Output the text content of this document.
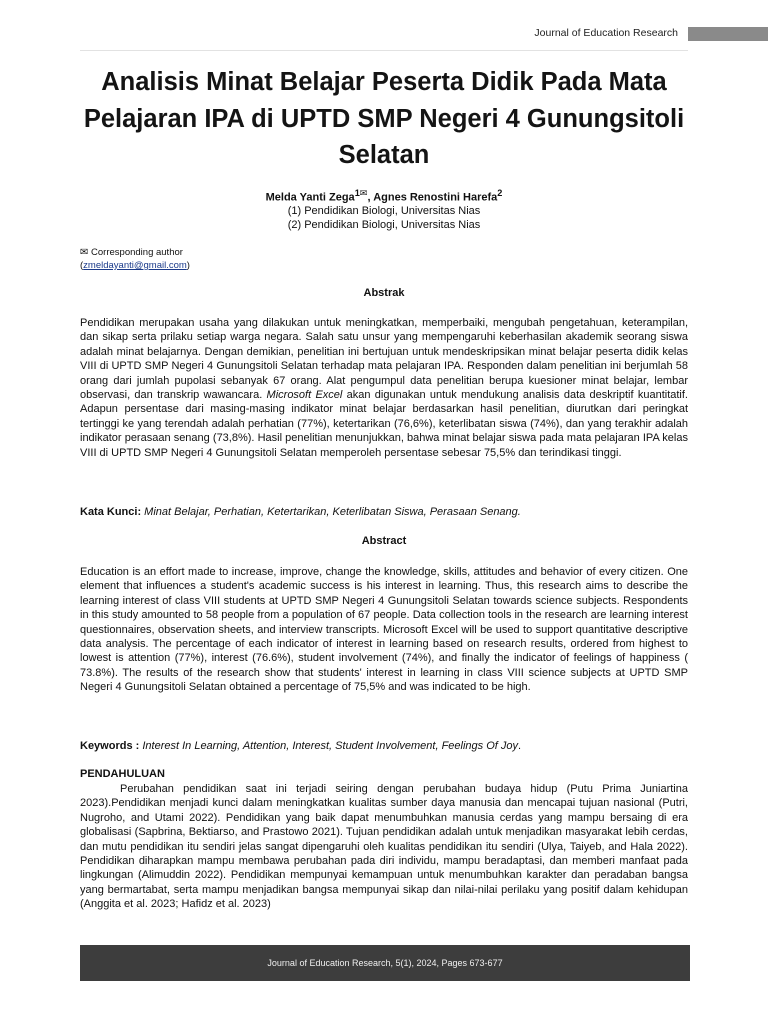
Journal of Education Research
Analisis Minat Belajar Peserta Didik Pada Mata Pelajaran IPA di UPTD SMP Negeri 4 Gunungsitoli Selatan
Melda Yanti Zega$^{1✉}$, Agnes Renostini Harefa$^2$
(1) Pendidikan Biologi, Universitas Nias
(2) Pendidikan Biologi, Universitas Nias
✉ Corresponding author
(zmeldayanti@gmail.com)
Abstrak

Pendidikan merupakan usaha yang dilakukan untuk meningkatkan, memperbaiki, mengubah pengetahuan, keterampilan, dan sikap serta prilaku setiap warga negara. Salah satu unsur yang mempengaruhi keberhasilan akademik seorang siswa adalah minat belajarnya. Dengan demikian, penelitian ini bertujuan untuk mendeskripsikan minat belajar peserta didik kelas VIII di UPTD SMP Negeri 4 Gunungsitoli Selatan terhadap mata pelajaran IPA. Responden dalam penelitian ini berjumlah 58 orang dari jumlah pupolasi sebanyak 67 orang. Alat pengumpul data penelitian berupa kuesioner minat belajar, lembar observasi, dan transkrip wawancara. Microsoft Excel akan digunakan untuk mendukung analisis data deskriptif kuantitatif. Adapun persentase dari masing-masing indikator minat belajar berdasarkan hasil penelitian, diurutkan dari peringkat tertinggi ke yang terendah adalah perhatian (77%), ketertarikan (76,6%), keterlibatan siswa (74%), dan yang terakhir adalah indikator perasaan senang (73,8%). Hasil penelitian menunjukkan, bahwa minat belajar siswa pada mata pelajaran IPA kelas VIII di UPTD SMP Negeri 4 Gunungsitoli Selatan memperoleh persentase sebesar 75,5% dan terindikasi tinggi.

Kata Kunci: Minat Belajar, Perhatian, Ketertarikan, Keterlibatan Siswa, Perasaan Senang.

Abstract

Education is an effort made to increase, improve, change the knowledge, skills, attitudes and behavior of every citizen. One element that influences a student's academic success is his interest in learning. Thus, this research aims to describe the learning interest of class VIII students at UPTD SMP Negeri 4 Gunungsitoli Selatan towards science subjects. Respondents in this study amounted to 58 people from a population of 67 people. Data collection tools in the research are learning interest questionnaires, observation sheets, and interview transcripts. Microsoft Excel will be used to support quantitative descriptive data analysis. The percentage of each indicator of interest in learning based on research results, ordered from highest to lowest is attention (77%), interest (76.6%), student involvement (74%), and finally the indicator of feelings of happiness ( 73.8%). The results of the research show that students' interest in learning in class VIII science subjects at UPTD SMP Negeri 4 Gunungsitoli Selatan obtained a percentage of 75,5% and was indicated to be high.

Keywords : Interest In Learning, Attention, Interest, Student Involvement, Feelings Of Joy.

PENDAHULUAN

Perubahan pendidikan saat ini terjadi seiring dengan perubahan budaya hidup (Putu Prima Juniartina 2023).Pendidikan menjadi kunci dalam meningkatkan kualitas sumber daya manusia dan mencapai tujuan nasional (Putri, Nugroho, and Utami 2022). Pendidikan yang baik dapat menumbuhkan manusia cerdas yang mampu bersaing di era globalisasi (Sapbrina, Bektiarso, and Prastowo 2021). Tujuan pendidikan adalah untuk menjadikan masyarakat lebih cerdas, dan mutu pendidikan itu sendiri jelas sangat dipengaruhi oleh kualitas pendidikan itu sendiri (Ulya, Taiyeb, and Hala 2022). Pendidikan diharapkan mampu membawa perubahan pada diri individu, mampu beradaptasi, dan memberi manfaat pada lingkungan (Alimuddin 2022). Pendidikan mempunyai kemampuan untuk menumbuhkan karakter dan peradaban bangsa yang bermartabat, serta mampu menjadikan bangsa mempunyai sikap dan nilai-nilai perilaku yang positif dalam kehidupan (Anggita et al. 2023; Hafidz et al. 2023)

Journal of Education Research, 5(1), 2024, Pages 673-677
